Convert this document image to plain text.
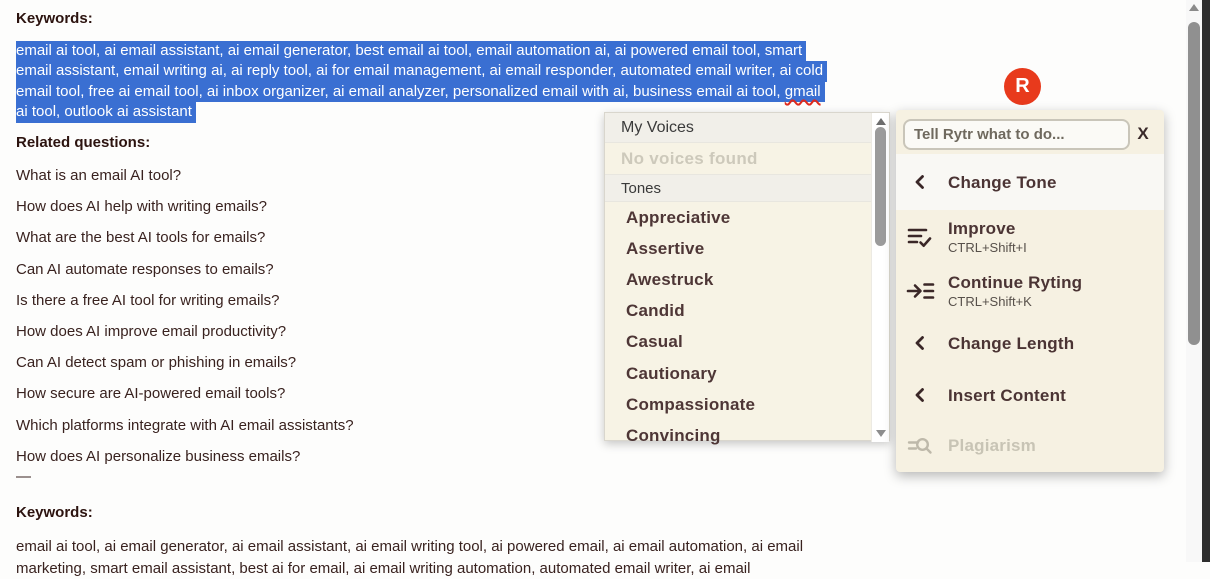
Keywords:
email ai tool, ai email assistant, ai email generator, best email ai tool, email automation ai, ai powered email tool, smart
email assistant, email writing ai, ai reply tool, ai for email management, ai email responder, automated email writer, ai cold
email tool, free ai email tool, ai inbox organizer, ai email analyzer, personalized email with ai, business email ai tool, gmail
ai tool, outlook ai assistant
Related questions:
What is an email AI tool?
How does AI help with writing emails?
What are the best AI tools for emails?
Can AI automate responses to emails?
Is there a free AI tool for writing emails?
How does AI improve email productivity?
Can AI detect spam or phishing in emails?
How secure are AI-powered email tools?
Which platforms integrate with AI email assistants?
How does AI personalize business emails?
—
Keywords:
email ai tool, ai email generator, ai email assistant, ai email writing tool, ai powered email, ai email automation, ai email
marketing, smart email assistant, best ai for email, ai email writing automation, automated email writer, ai email
R
My Voices
No voices found
Tones
Appreciative
Assertive
Awestruck
Candid
Casual
Cautionary
Compassionate
Convincing
Tell Rytr what to do...
X
Change Tone
Improve
CTRL+Shift+I
Continue Ryting
CTRL+Shift+K
Change Length
Insert Content
Plagiarism
